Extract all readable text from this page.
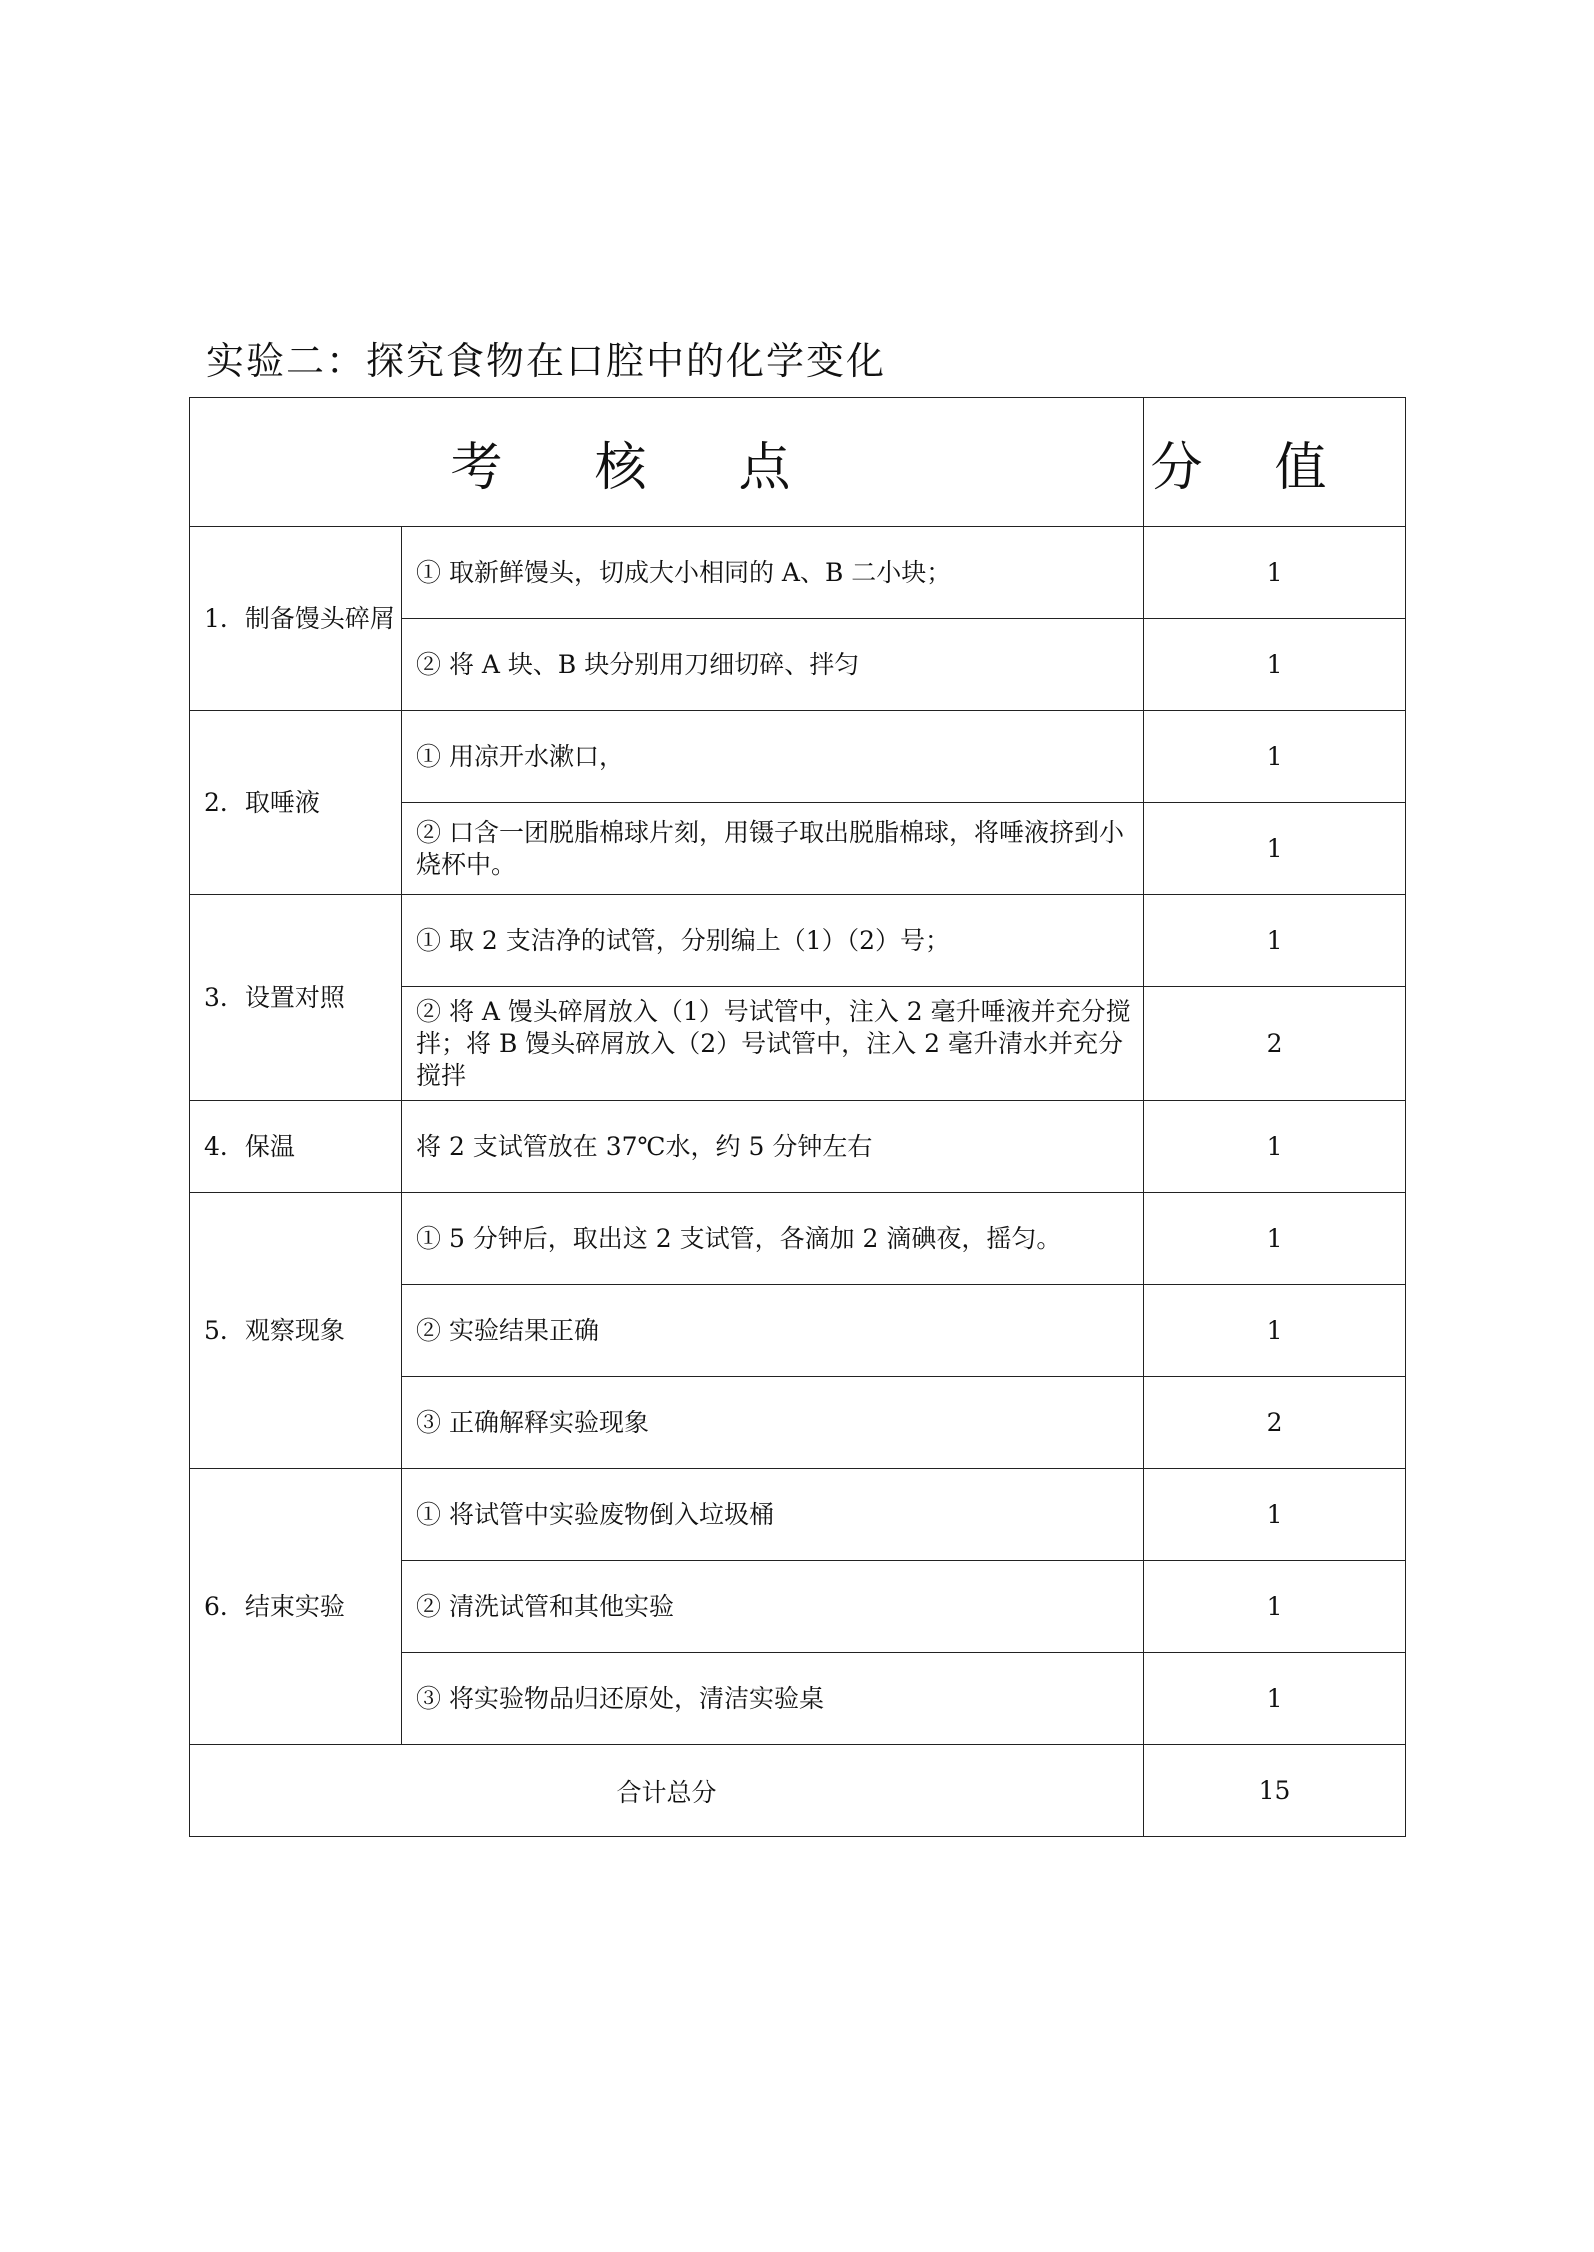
实验二：探究食物在口腔中的化学变化
考核点		分值
1．制备馒头碎屑	① 取新鲜馒头，切成大小相同的 A、B 二小块；	1
	② 将 A 块、B 块分别用刀细切碎、拌匀	1
2．取唾液	① 用凉开水漱口，	1
	② 口含一团脱脂棉球片刻，用镊子取出脱脂棉球，将唾液挤到小烧杯中。	1
3．设置对照	① 取 2 支洁净的试管，分别编上（1）（2）号；	1
	② 将 A 馒头碎屑放入（1）号试管中，注入 2 毫升唾液并充分搅拌；将 B 馒头碎屑放入（2）号试管中，注入 2 毫升清水并充分搅拌	2
4．保温	将 2 支试管放在 37℃水，约 5 分钟左右	1
5．观察现象	① 5 分钟后，取出这 2 支试管，各滴加 2 滴碘夜，摇匀。	1
	② 实验结果正确	1
	③ 正确解释实验现象	2
6．结束实验	① 将试管中实验废物倒入垃圾桶	1
	② 清洗试管和其他实验	1
	③ 将实验物品归还原处，清洁实验桌	1
合计总分		15
